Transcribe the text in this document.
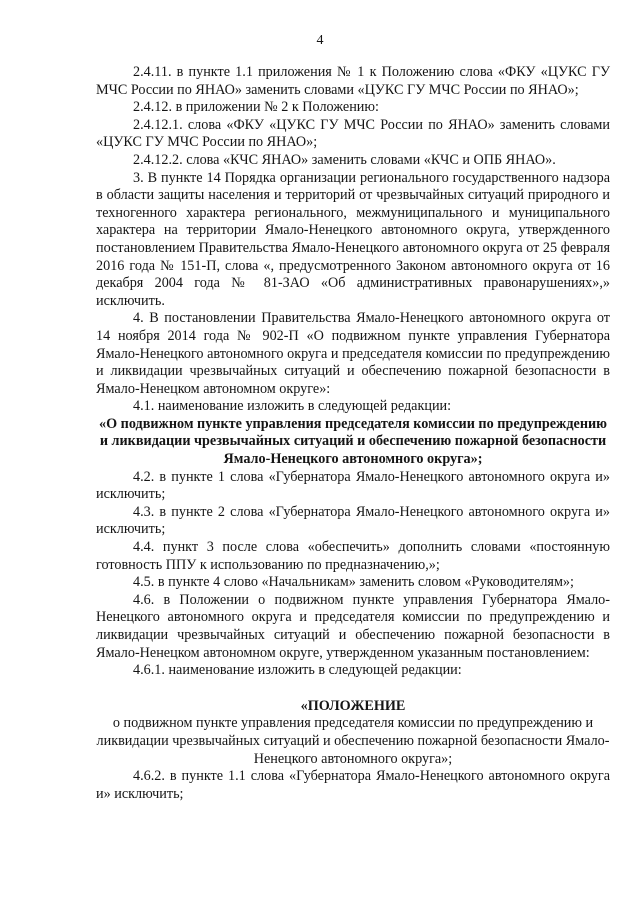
4

2.4.11. в пункте 1.1 приложения № 1 к Положению слова «ФКУ «ЦУКС ГУ МЧС России по ЯНАО» заменить словами «ЦУКС ГУ МЧС России по ЯНАО»;

2.4.12. в приложении № 2 к Положению:

2.4.12.1. слова «ФКУ «ЦУКС ГУ МЧС России по ЯНАО» заменить словами «ЦУКС ГУ МЧС России по ЯНАО»;

2.4.12.2. слова «КЧС ЯНАО» заменить словами «КЧС и ОПБ ЯНАО».

3. В пункте 14 Порядка организации регионального государственного надзора в области защиты населения и территорий от чрезвычайных ситуаций природного и техногенного характера регионального, межмуниципального и муниципального характера на территории Ямало-Ненецкого автономного округа, утвержденного постановлением Правительства Ямало-Ненецкого автономного округа от 25 февраля 2016 года № 151-П, слова «, предусмотренного Законом автономного округа от 16 декабря 2004 года № 81-ЗАО «Об административных правонарушениях»,» исключить.

4. В постановлении Правительства Ямало-Ненецкого автономного округа от 14 ноября 2014 года № 902-П «О подвижном пункте управления Губернатора Ямало-Ненецкого автономного округа и председателя комиссии по предупреждению и ликвидации чрезвычайных ситуаций и обеспечению пожарной безопасности в Ямало-Ненецком автономном округе»:

4.1. наименование изложить в следующей редакции:

«О подвижном пункте управления председателя комиссии по предупреждению и ликвидации чрезвычайных ситуаций и обеспечению пожарной безопасности Ямало-Ненецкого автономного округа»;

4.2. в пункте 1 слова «Губернатора Ямало-Ненецкого автономного округа и» исключить;

4.3. в пункте 2 слова «Губернатора Ямало-Ненецкого автономного округа и» исключить;

4.4. пункт 3 после слова «обеспечить» дополнить словами «постоянную готовность ППУ к использованию по предназначению,»;

4.5. в пункте 4 слово «Начальникам» заменить словом «Руководителям»;

4.6. в Положении о подвижном пункте управления Губернатора Ямало-Ненецкого автономного округа и председателя комиссии по предупреждению и ликвидации чрезвычайных ситуаций и обеспечению пожарной безопасности в Ямало-Ненецком автономном округе, утвержденном указанным постановлением:

4.6.1. наименование изложить в следующей редакции:

«ПОЛОЖЕНИЕ

о подвижном пункте управления председателя комиссии по предупреждению и ликвидации чрезвычайных ситуаций и обеспечению пожарной безопасности Ямало-Ненецкого автономного округа»;

4.6.2. в пункте 1.1 слова «Губернатора Ямало-Ненецкого автономного округа и» исключить;
